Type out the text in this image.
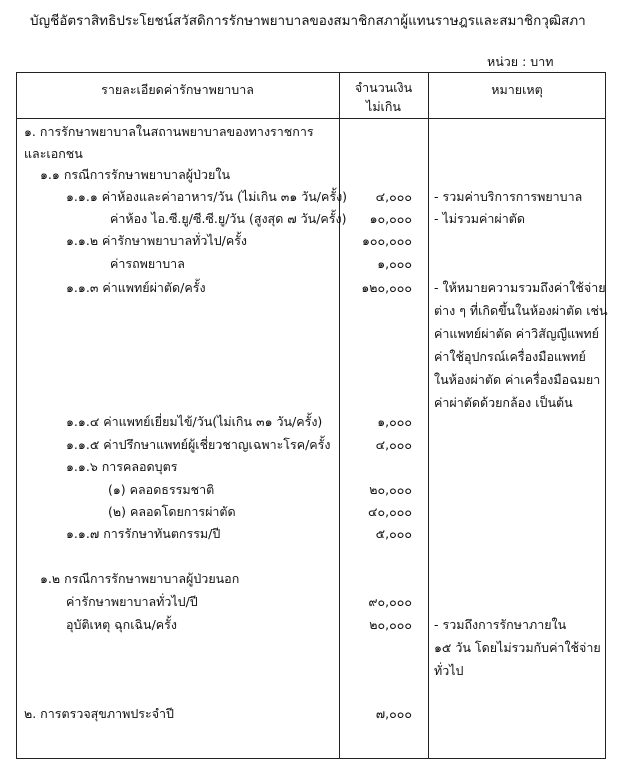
บัญชีอัตราสิทธิประโยชน์สวัสดิการรักษาพยาบาลของสมาชิกสภาผู้แทนราษฎรและสมาชิกวุฒิสภา
หน่วย : บาท
รายละเอียดค่ารักษาพยาบาล	จำนวนเงิน
ไม่เกิน
หมายเหตุ
๑. การรักษาพยาบาลในสถานพยาบาลของทางราชการ
และเอกชน
๑.๑ กรณีการรักษาพยาบาลผู้ป่วยใน
๑.๑.๑ ค่าห้องและค่าอาหาร/วัน (ไม่เกิน ๓๑ วัน/ครั้ง)
ค่าห้อง ไอ.ซี.ยู/ซี.ซี.ยู/วัน (สูงสุด ๗ วัน/ครั้ง)
๑.๑.๒ ค่ารักษาพยาบาลทั่วไป/ครั้ง
ค่ารถพยาบาล
๑.๑.๓ ค่าแพทย์ผ่าตัด/ครั้ง
๑.๑.๔ ค่าแพทย์เยี่ยมไข้/วัน(ไม่เกิน ๓๑ วัน/ครั้ง)
๑.๑.๕ ค่าปรึกษาแพทย์ผู้เชี่ยวชาญเฉพาะโรค/ครั้ง
๑.๑.๖ การคลอดบุตร
(๑) คลอดธรรมชาติ
(๒) คลอดโดยการผ่าตัด
๑.๑.๗ การรักษาทันตกรรม/ปี
๑.๒ กรณีการรักษาพยาบาลผู้ป่วยนอก
ค่ารักษาพยาบาลทั่วไป/ปี
อุบัติเหตุ ฉุกเฉิน/ครั้ง
๒. การตรวจสุขภาพประจำปี
๔,๐๐๐
๑๐,๐๐๐
๑๐๐,๐๐๐
๑,๐๐๐
๑๒๐,๐๐๐
๑,๐๐๐
๔,๐๐๐
๒๐,๐๐๐
๔๐,๐๐๐
๕,๐๐๐
๙๐,๐๐๐
๒๐,๐๐๐
๗,๐๐๐
- รวมค่าบริการการพยาบาล
- ไม่รวมค่าผ่าตัด
- ให้หมายความรวมถึงค่าใช้จ่าย
ต่าง ๆ ที่เกิดขึ้นในห้องผ่าตัด เช่น
ค่าแพทย์ผ่าตัด ค่าวิสัญญีแพทย์
ค่าใช้อุปกรณ์เครื่องมือแพทย์
ในห้องผ่าตัด ค่าเครื่องมือฉมยา
ค่าผ่าตัดด้วยกล้อง เป็นต้น
- รวมถึงการรักษาภายใน
๑๕ วัน โดยไม่รวมกับค่าใช้จ่าย
ทั่วไป
